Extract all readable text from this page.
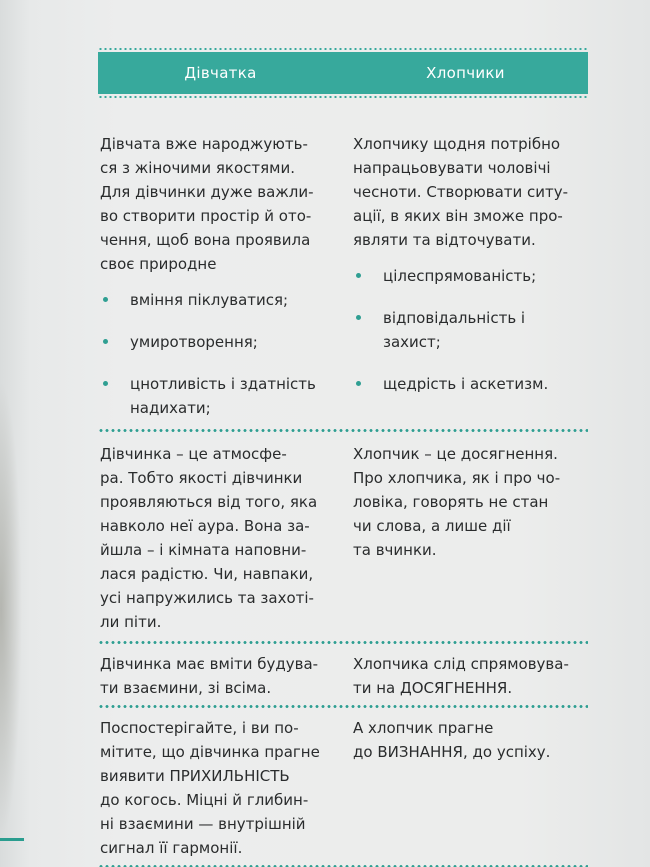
Дівчатка	Хлопчики

Дівчата вже народжують-
ся з жіночими якостями.
Для дівчинки дуже важли-
во створити простір й ото-
чення, щоб вона проявила
своє природне

вміння піклуватися;
умиротворення;
цнотливість і здатність
надихати;

Хлопчику щодня потрібно
напрацьовувати чоловічі
чесноти. Створювати ситу-
ації, в яких він зможе про-
являти та відточувати.

цілеспрямованість;
відповідальність і
захист;
щедрість і аскетизм.

Дівчинка – це атмосфе-
ра. Тобто якості дівчинки
проявляються від того, яка
навколо неї аура. Вона за-
йшла – і кімната наповни-
лася радістю. Чи, навпаки,
усі напружились та захоті-
ли піти.

Хлопчик – це досягнення.
Про хлопчика, як і про чо-
ловіка, говорять не стан
чи слова, а лише дії
та вчинки.

Дівчинка має вміти будува-
ти взаємини, зі всіма.

Хлопчика слід спрямовува-
ти на ДОСЯГНЕННЯ.

Поспостерігайте, і ви по-
мітите, що дівчинка прагне
виявити ПРИХИЛЬНІСТЬ
до когось. Міцні й глибин-
ні взаємини — внутрішній
сигнал її гармонії.

А хлопчик прагне
до ВИЗНАННЯ, до успіху.
